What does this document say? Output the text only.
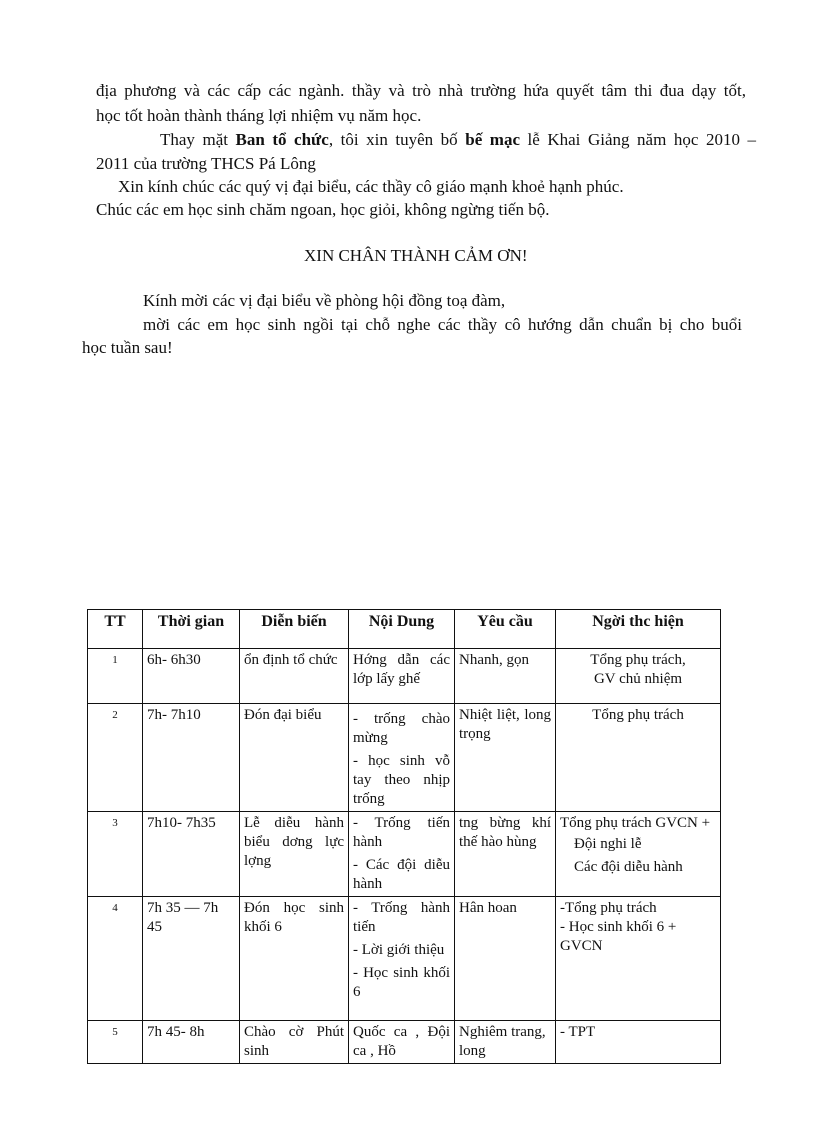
địa phương và các cấp các ngành. thầy và trò nhà trường hứa quyết tâm thi đua dạy tốt,
học tốt hoàn thành tháng lợi nhiệm vụ năm học.
Thay mặt Ban tổ chức, tôi xin tuyên bố bế mạc lễ Khai Giảng năm học 2010 –
2011 của trường THCS Pá Lông
Xin kính chúc các quý vị đại biểu, các thầy cô giáo mạnh khoẻ hạnh phúc.
Chúc các em học sinh chăm ngoan, học giỏi, không ngừng tiến bộ.
XIN CHÂN THÀNH CẢM ƠN!
Kính mời các vị đại biểu về phòng hội đồng toạ đàm,
mời các em học sinh ngồi tại chỗ nghe các thầy cô hướng dẫn chuẩn bị cho buổi
học tuần sau!
TT	Thời gian	Diễn biến	Nội Dung	Yêu cầu	Ngời thc hiện
1	6h- 6h30	ổn định tổ chức	Hớng dẫn các lớp lấy ghế	Nhanh, gọn	Tổng phụ trách,
GV chủ nhiệm

2	7h- 7h10	Đón đại biểu	- trống chào mừng
- học sinh vỗ tay theo nhịp trống	Nhiệt liệt, long trọng	Tổng phụ trách

3	7h10- 7h35	Lễ diễu hành biểu dơng lực lợng	- Trống tiến hành
- Các đội diễu hành	tng bừng khí thế hào hùng	Tổng phụ trách GVCN +
Đội nghi lễ
Các đội diễu hành

4	7h 35 — 7h 45	Đón học sinh khối 6	- Trống hành tiến
- Lời giới thiệu
- Học sinh khối 6	Hân hoan	-Tổng phụ trách
- Học sinh khối 6 + GVCN

5	7h 45- 8h	Chào cờ Phút sinh	Quốc ca , Đội ca , Hồ	Nghiêm trang, long	- TPT
